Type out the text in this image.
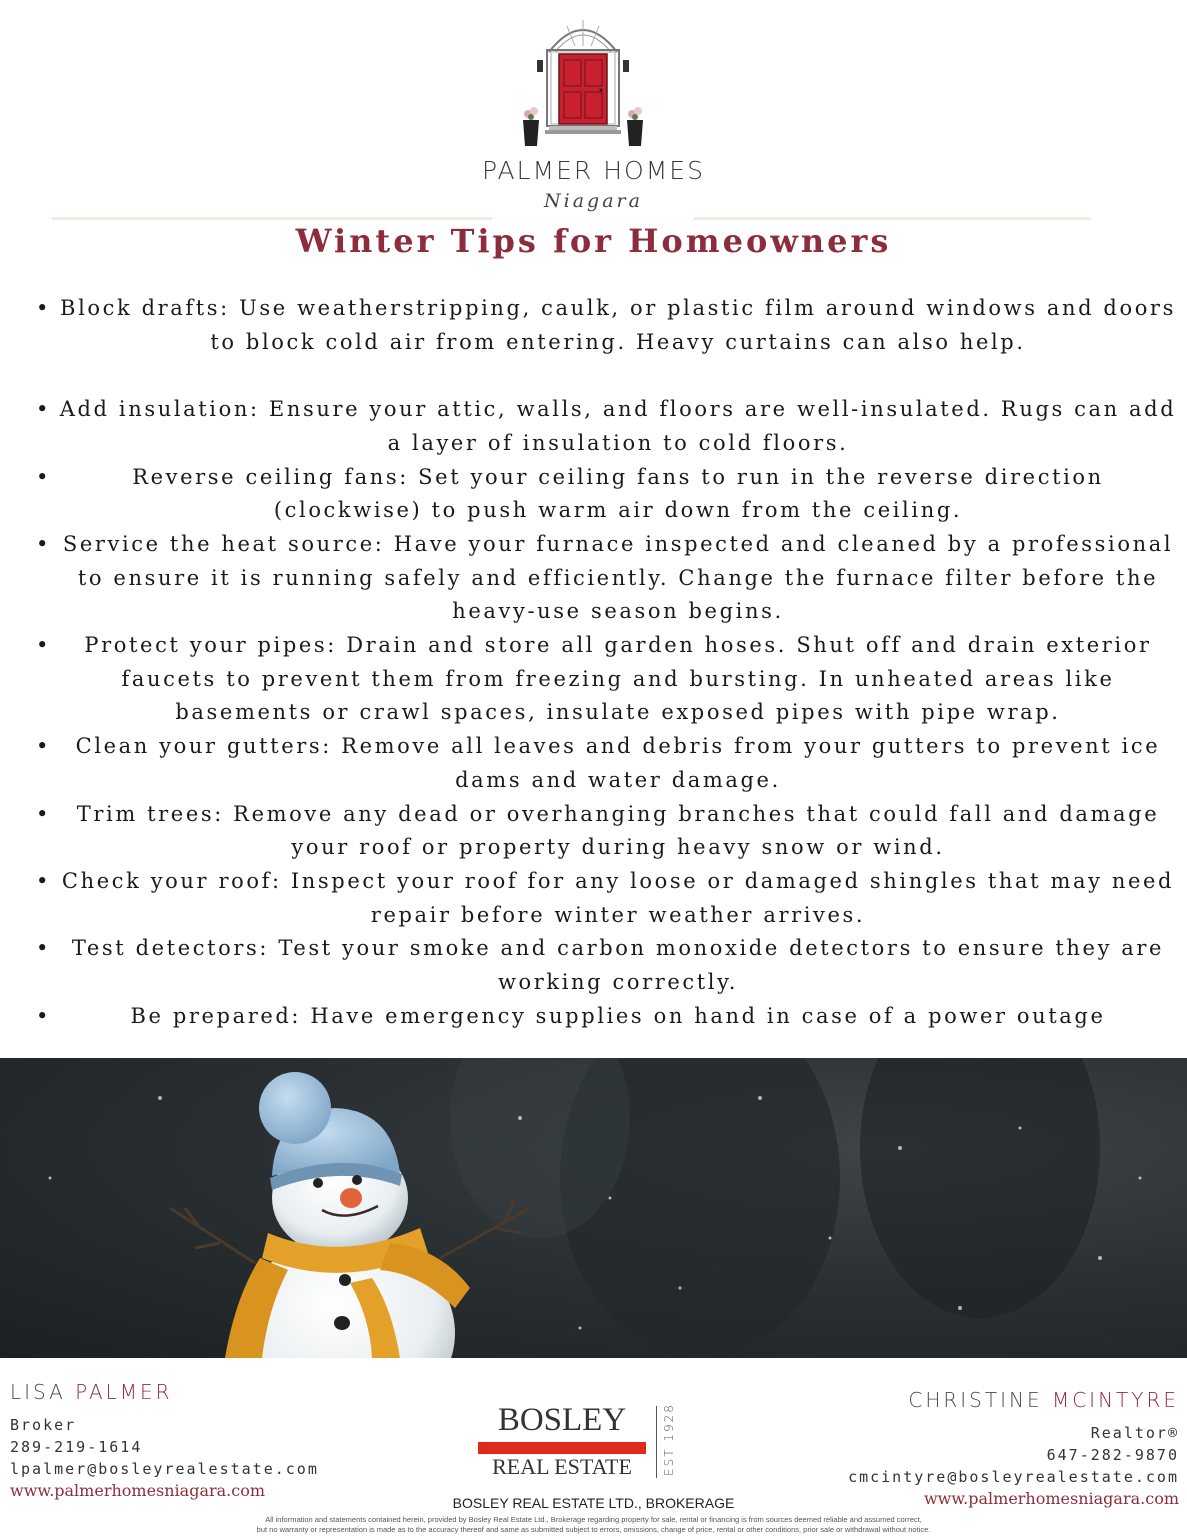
PALMER HOMES
Niagara
Winter Tips for Homeowners
• Block drafts: Use weatherstripping, caulk, or plastic film around windows and doors to block cold air from entering. Heavy curtains can also help.
• Add insulation: Ensure your attic, walls, and floors are well-insulated. Rugs can add a layer of insulation to cold floors.
•	Reverse ceiling fans: Set your ceiling fans to run in the reverse direction (clockwise) to push warm air down from the ceiling.
• Service the heat source: Have your furnace inspected and cleaned by a professional to ensure it is running safely and efficiently. Change the furnace filter before the heavy-use season begins.
• Protect your pipes: Drain and store all garden hoses. Shut off and drain exterior faucets to prevent them from freezing and bursting. In unheated areas like basements or crawl spaces, insulate exposed pipes with pipe wrap.
• Clean your gutters: Remove all leaves and debris from your gutters to prevent ice dams and water damage.
• Trim trees: Remove any dead or overhanging branches that could fall and damage your roof or property during heavy snow or wind.
• Check your roof: Inspect your roof for any loose or damaged shingles that may need repair before winter weather arrives.
• Test detectors: Test your smoke and carbon monoxide detectors to ensure they are working correctly.
•	Be prepared: Have emergency supplies on hand in case of a power outage
LISA PALMER
Broker
289-219-1614
lpalmer@bosleyrealestate.com
www.palmerhomesniagara.com
BOSLEY
REAL ESTATE	EST 1928
CHRISTINE MCINTYRE
Realtor®
647-282-9870
cmcintyre@bosleyrealestate.com
www.palmerhomesniagara.com
BOSLEY REAL ESTATE LTD., BROKERAGE
All information and statements contained herein, provided by Bosley Real Estate Ltd., Brokerage regarding property for sale, rental or financing is from sources deemed reliable and assumed correct,
but no warranty or representation is made as to the accuracy thereof and same as submitted subject to errors, omissions, change of price, rental or other conditions, prior sale or withdrawal without notice.
